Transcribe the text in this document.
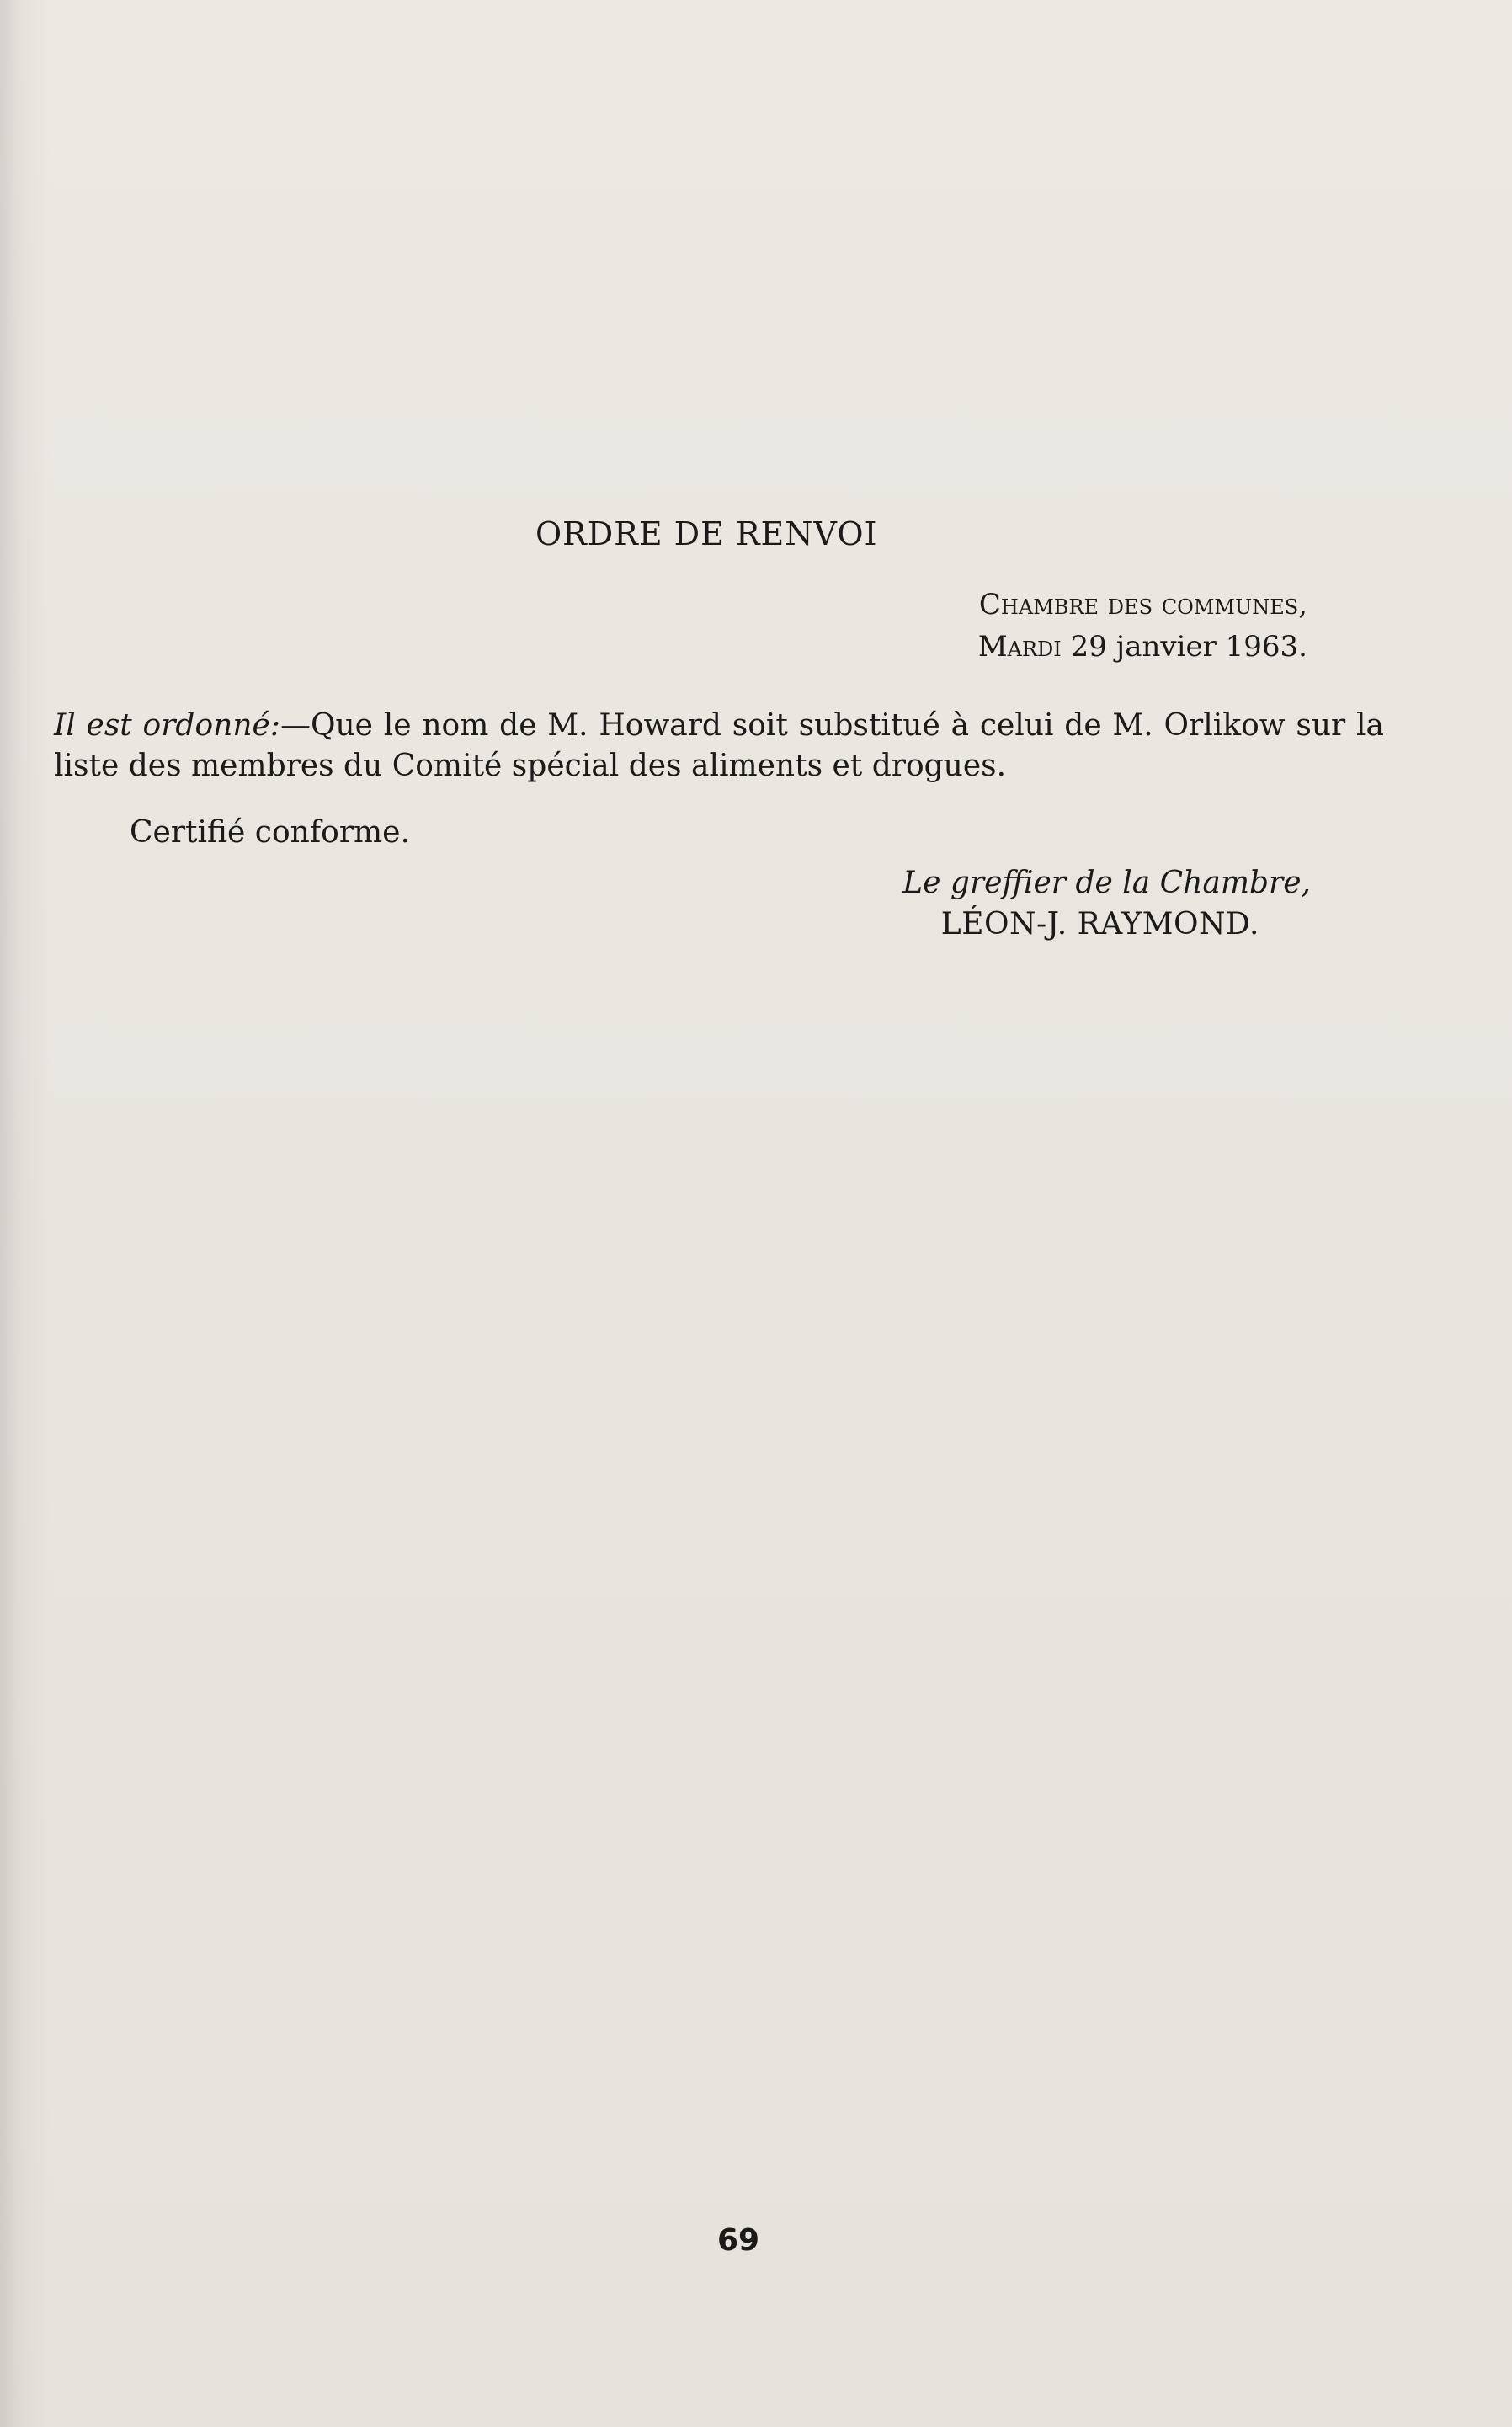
ORDRE DE RENVOI
Chambre des communes,
Mardi 29 janvier 1963.
Il est ordonné:—Que le nom de M. Howard soit substitué à celui de M. Orlikow sur la liste des membres du Comité spécial des aliments et drogues.
Certifié conforme.
Le greffier de la Chambre,
LÉON-J. RAYMOND.
69
